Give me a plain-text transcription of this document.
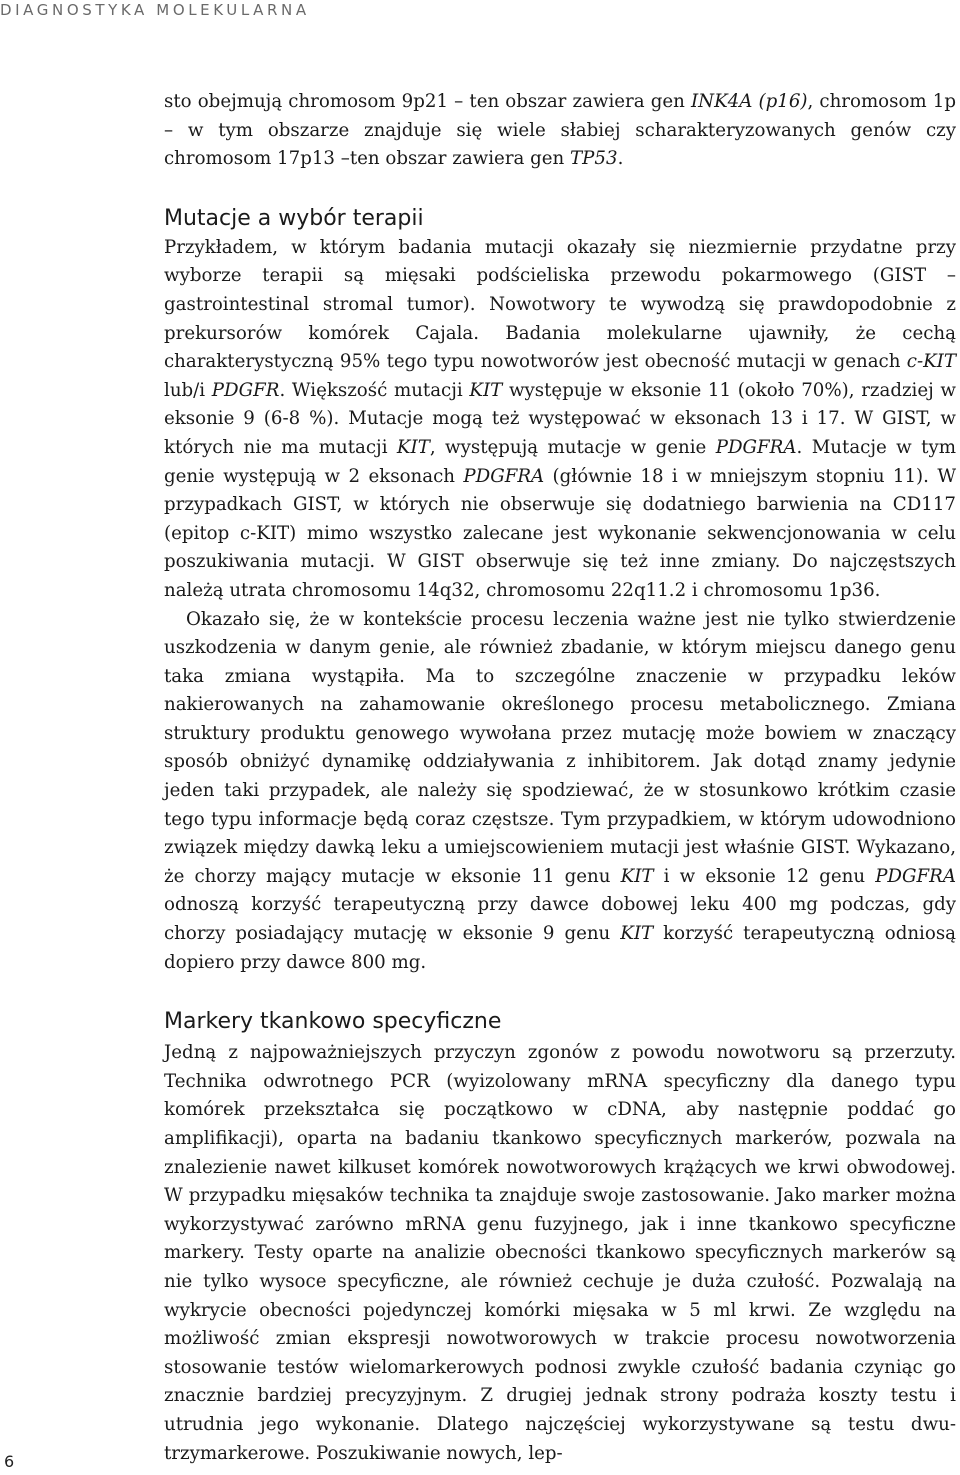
DIAGNOSTYKA MOLEKULARNA

sto obejmują chromosom 9p21 – ten obszar zawiera gen INK4A (p16), chromosom 1p – w tym obszarze znajduje się wiele słabiej scharakteryzowanych genów czy chromosom 17p13 –ten obszar zawiera gen TP53.

Mutacje a wybór terapii

Przykładem, w którym badania mutacji okazały się niezmiernie przydatne przy wyborze terapii są mięsaki podścieliska przewodu pokarmowego (GIST – gastrointestinal stromal tumor). Nowotwory te wywodzą się prawdopodobnie z prekursorów komórek Cajala. Badania molekularne ujawniły, że cechą charakterystyczną 95% tego typu nowotworów jest obecność mutacji w genach c-KIT lub/i PDGFR. Większość mutacji KIT występuje w eksonie 11 (około 70%), rzadziej w eksonie 9 (6-8 %). Mutacje mogą też występować w eksonach 13 i 17. W GIST, w których nie ma mutacji KIT, występują mutacje w genie PDGFRA. Mutacje w tym genie występują w 2 eksonach PDGFRA (głównie 18 i w mniejszym stopniu 11). W przypadkach GIST, w których nie obserwuje się dodatniego barwienia na CD117 (epitop c-KIT) mimo wszystko zalecane jest wykonanie sekwencjonowania w celu poszukiwania mutacji. W GIST obserwuje się też inne zmiany. Do najczęstszych należą utrata chromosomu 14q32, chromosomu 22q11.2 i chromosomu 1p36.

Okazało się, że w kontekście procesu leczenia ważne jest nie tylko stwierdzenie uszkodzenia w danym genie, ale również zbadanie, w którym miejscu danego genu taka zmiana wystąpiła. Ma to szczególne znaczenie w przypadku leków nakierowanych na zahamowanie określonego procesu metabolicznego. Zmiana struktury produktu genowego wywołana przez mutację może bowiem w znaczący sposób obniżyć dynamikę oddziaływania z inhibitorem. Jak dotąd znamy jedynie jeden taki przypadek, ale należy się spodziewać, że w stosunkowo krótkim czasie tego typu informacje będą coraz częstsze. Tym przypadkiem, w którym udowodniono związek między dawką leku a umiejscowieniem mutacji jest właśnie GIST. Wykazano, że chorzy mający mutacje w eksonie 11 genu KIT i w eksonie 12 genu PDGFRA odnoszą korzyść terapeutyczną przy dawce dobowej leku 400 mg podczas, gdy chorzy posiadający mutację w eksonie 9 genu KIT korzyść terapeutyczną odniosą dopiero przy dawce 800 mg.

Markery tkankowo specyficzne

Jedną z najpoważniejszych przyczyn zgonów z powodu nowotworu są przerzuty. Technika odwrotnego PCR (wyizolowany mRNA specyficzny dla danego typu komórek przekształca się początkowo w cDNA, aby następnie poddać go amplifikacji), oparta na badaniu tkankowo specyficznych markerów, pozwala na znalezienie nawet kilkuset komórek nowotworowych krążących we krwi obwodowej. W przypadku mięsaków technika ta znajduje swoje zastosowanie. Jako marker można wykorzystywać zarówno mRNA genu fuzyjnego, jak i inne tkankowo specyficzne markery. Testy oparte na analizie obecności tkankowo specyficznych markerów są nie tylko wysoce specyficzne, ale również cechuje je duża czułość. Pozwalają na wykrycie obecności pojedynczej komórki mięsaka w 5 ml krwi. Ze względu na możliwość zmian ekspresji nowotworowych w trakcie procesu nowotworzenia stosowanie testów wielomarkerowych podnosi zwykle czułość badania czyniąc go znacznie bardziej precyzyjnym. Z drugiej jednak strony podraża koszty testu i utrudnia jego wykonanie. Dlatego najczęściej wykorzystywane są testu dwu-trzymarkerowe. Poszukiwanie nowych, lep-

6
